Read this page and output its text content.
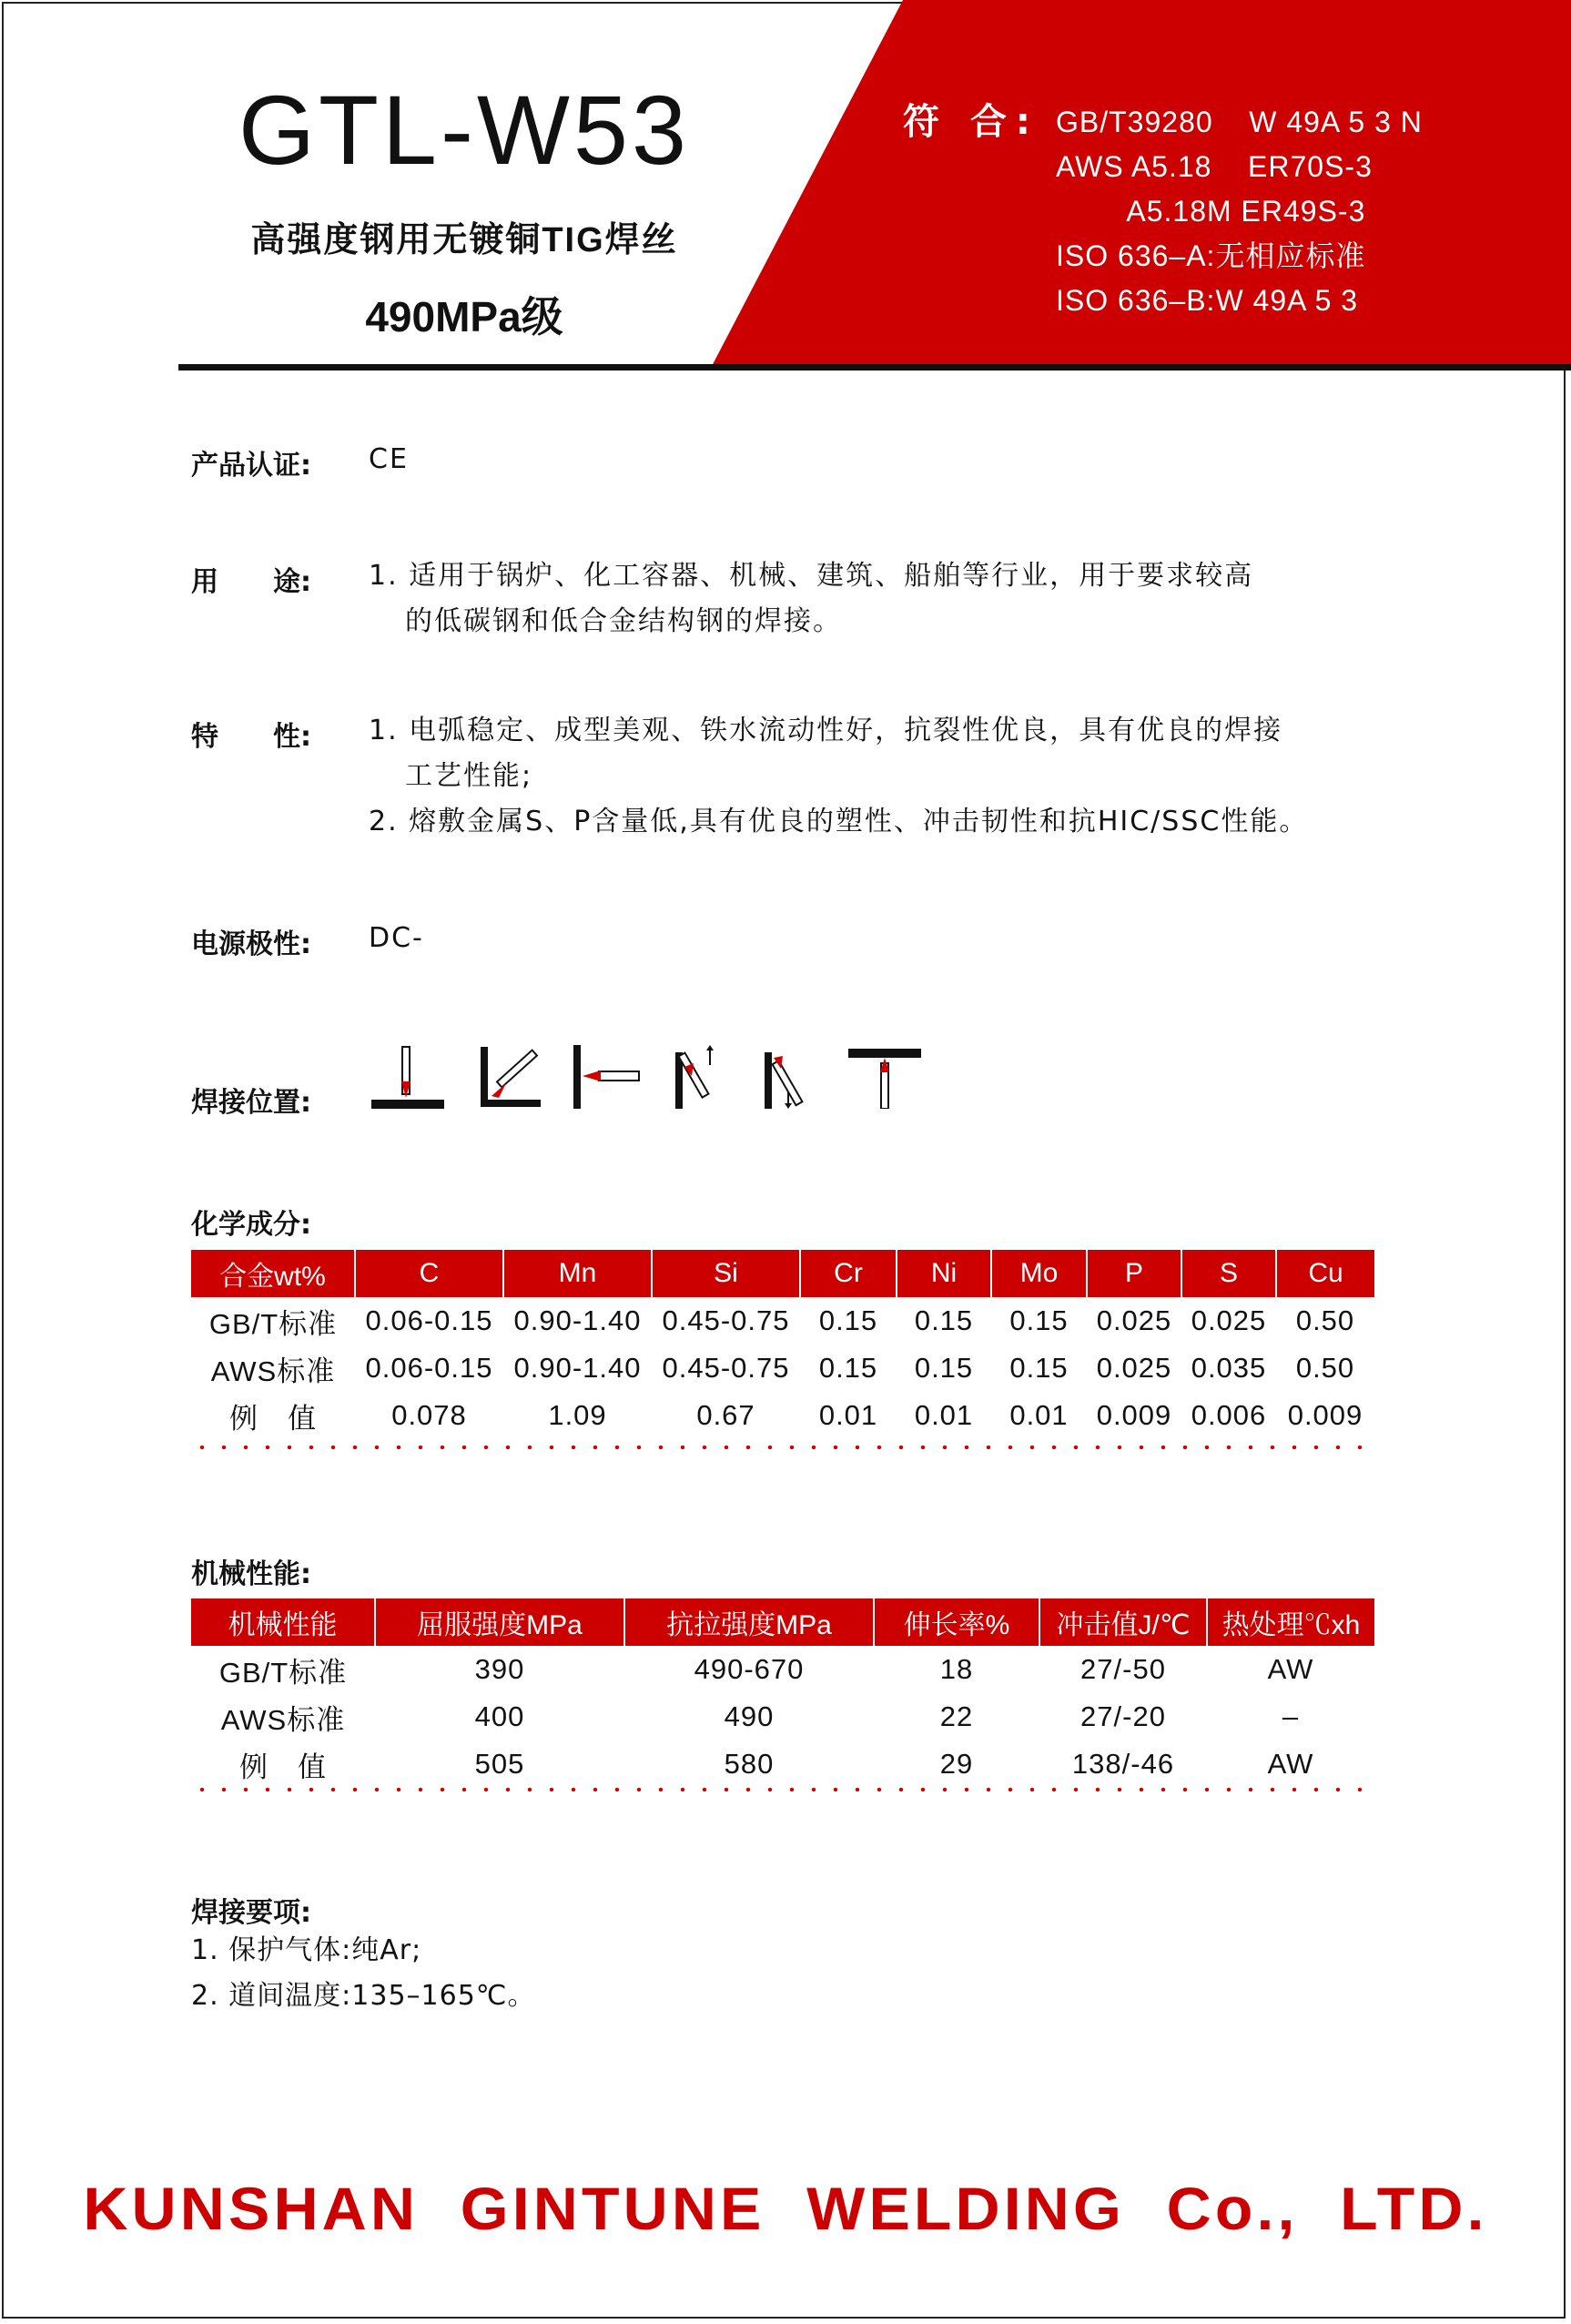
GTL-W53
高强度钢用无镀铜TIG焊丝
490MPa级
符 合: GB/T39280    W 49A 5 3 N
AWS A5.18    ER70S-3
A5.18M ER49S-3
ISO 636–A:无相应标准
ISO 636–B:W 49A 5 3
产品认证: CE
用　　途: 1. 适用于锅炉、化工容器、机械、建筑、船舶等行业，用于要求较高
的低碳钢和低合金结构钢的焊接。
特　　性: 1. 电弧稳定、成型美观、铁水流动性好，抗裂性优良，具有优良的焊接
工艺性能;
2. 熔敷金属S、P含量低,具有优良的塑性、冲击韧性和抗HIC/SSC性能。
电源极性: DC-
焊接位置:
化学成分:
合金wt%	C	Mn	Si	Cr	Ni	Mo	P	S	Cu
GB/T标准	0.06-0.15	0.90-1.40	0.45-0.75	0.15	0.15	0.15	0.025	0.025	0.50
AWS标准	0.06-0.15	0.90-1.40	0.45-0.75	0.15	0.15	0.15	0.025	0.035	0.50
例　值	0.078	1.09	0.67	0.01	0.01	0.01	0.009	0.006	0.009
机械性能:
机械性能	屈服强度MPa	抗拉强度MPa	伸长率%	冲击值J/℃	热处理℃xh
GB/T标准	390	490-670	18	27/-50	AW
AWS标准	400	490	22	27/-20	–
例　值	505	580	29	138/-46	AW
焊接要项:
1. 保护气体:纯Ar;
2. 道间温度:135–165℃。
KUNSHAN GINTUNE WELDING Co., LTD.
